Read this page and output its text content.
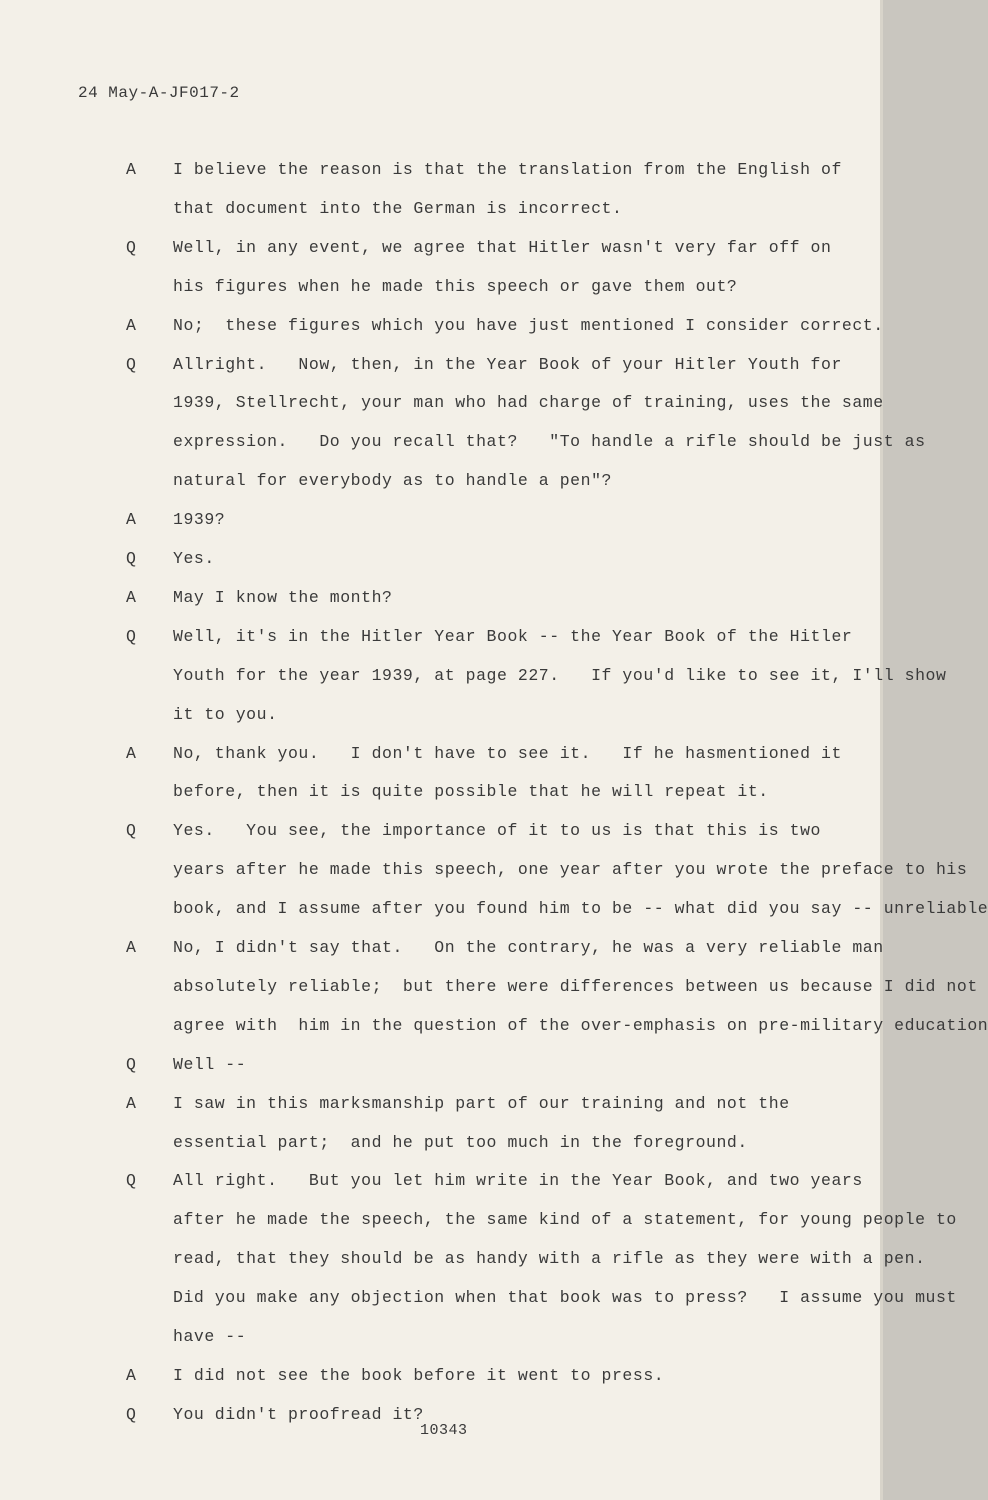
24 May-A-JF017-2
A I believe the reason is that the translation from the English of
that document into the German is incorrect.
Q Well, in any event, we agree that Hitler wasn't very far off on
his figures when he made this speech or gave them out?
A No;  these figures which you have just mentioned I consider correct.
Q Allright.   Now, then, in the Year Book of your Hitler Youth for
1939, Stellrecht, your man who had charge of training, uses the same
expression.   Do you recall that?   "To handle a rifle should be just as
natural for everybody as to handle a pen"?
A 1939?
Q Yes.
A May I know the month?
Q Well, it's in the Hitler Year Book -- the Year Book of the Hitler
Youth for the year 1939, at page 227.   If you'd like to see it, I'll show
it to you.
A No, thank you.   I don't have to see it.   If he hasmentioned it
before, then it is quite possible that he will repeat it.
Q Yes.   You see, the importance of it to us is that this is two
years after he made this speech, one year after you wrote the preface to his
book, and I assume after you found him to be -- what did you say -- unreliable
A No, I didn't say that.   On the contrary, he was a very reliable man
absolutely reliable;  but there were differences between us because I did not
agree with  him in the question of the over-emphasis on pre-military education
Q Well --
A I saw in this marksmanship part of our training and not the
essential part;  and he put too much in the foreground.
Q All right.   But you let him write in the Year Book, and two years
after he made the speech, the same kind of a statement, for young people to
read, that they should be as handy with a rifle as they were with a pen.
Did you make any objection when that book was to press?   I assume you must
have --
A I did not see the book before it went to press.
Q You didn't proofread it?
10343
